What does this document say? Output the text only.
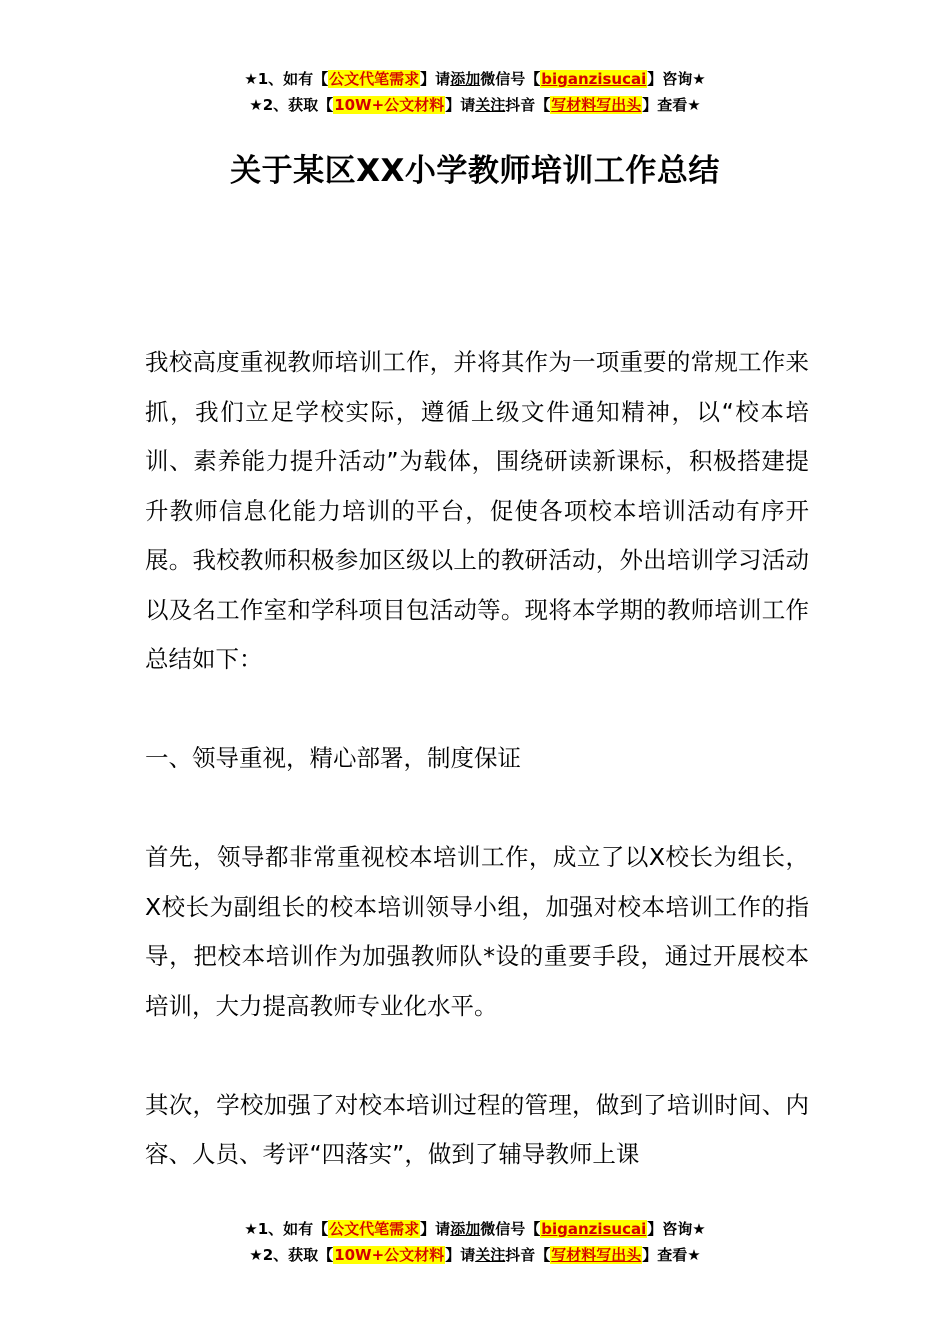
★1、如有【公文代笔需求】请添加微信号【biganzisucai】咨询★
★2、获取【10W+公文材料】请关注抖音【写材料写出头】查看★
关于某区XX小学教师培训工作总结

我校高度重视教师培训工作，并将其作为一项重要的常规工作来抓，我们立足学校实际，遵循上级文件通知精神，以“校本培训、素养能力提升活动”为载体，围绕研读新课标，积极搭建提升教师信息化能力培训的平台，促使各项校本培训活动有序开展。我校教师积极参加区级以上的教研活动，外出培训学习活动以及名工作室和学科项目包活动等。现将本学期的教师培训工作总结如下：

一、领导重视，精心部署，制度保证

首先，领导都非常重视校本培训工作，成立了以X校长为组长，X校长为副组长的校本培训领导小组，加强对校本培训工作的指导，把校本培训作为加强教师队*设的重要手段，通过开展校本培训，大力提高教师专业化水平。

其次，学校加强了对校本培训过程的管理，做到了培训时间、内容、人员、考评“四落实”，做到了辅导教师上课

★1、如有【公文代笔需求】请添加微信号【biganzisucai】咨询★
★2、获取【10W+公文材料】请关注抖音【写材料写出头】查看★
